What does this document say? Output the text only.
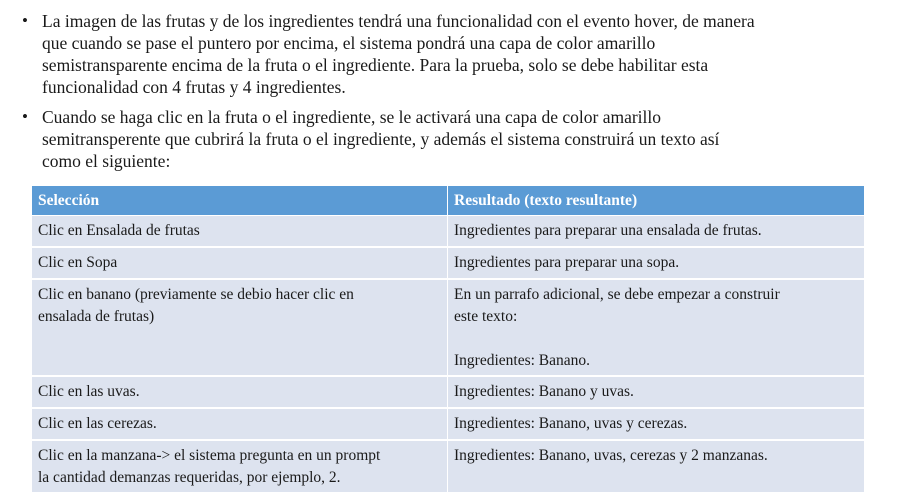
• La imagen de las frutas y de los ingredientes tendrá una funcionalidad con el evento hover, de manera
que cuando se pase el puntero por encima, el sistema pondrá una capa de color amarillo
semistransparente encima de la fruta o el ingrediente. Para la prueba, solo se debe habilitar esta
funcionalidad con 4 frutas y 4 ingredientes.
• Cuando se haga clic en la fruta o el ingrediente, se le activará una capa de color amarillo
semitransperente que cubrirá la fruta o el ingrediente, y además el sistema construirá un texto así
como el siguiente:
Selección	Resultado (texto resultante)
Clic en Ensalada de frutas	Ingredientes para preparar una ensalada de frutas.
Clic en Sopa	Ingredientes para preparar una sopa.
Clic en banano (previamente se debio hacer clic en
ensalada de frutas)	En un parrafo adicional, se debe empezar a construir
este texto:
Ingredientes: Banano.
Clic en las uvas.	Ingredientes: Banano y uvas.
Clic en las cerezas.	Ingredientes: Banano, uvas y cerezas.
Clic en la manzana-> el sistema pregunta en un prompt
la cantidad demanzas requeridas, por ejemplo, 2.	Ingredientes: Banano, uvas, cerezas y 2 manzanas.
